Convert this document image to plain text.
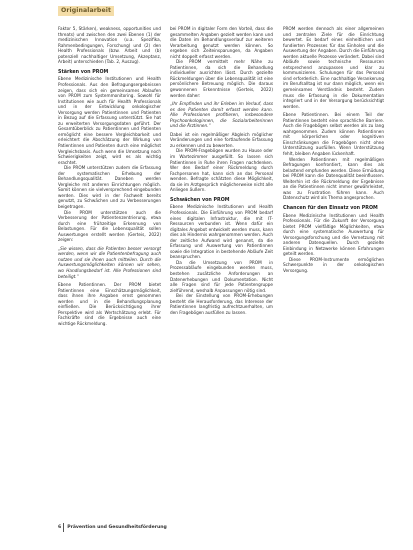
Originalarbeit

Faktor 5, Stärken), weakness, opportunities und threats) und zwischen den zwei Ebenen (1) der medizinischen Innovation (u.a. Spezifika, Rahmenbedingungen, Forschung) und (2) den Health Professionals (bzw. Arbeit und (b) potenziell nachhaltiger Umsetzung, Akzeptanz, Arbeit) unterschieden (Tab. 2, Auszug).

Stärken von PROM

Ebene Medizinische Institutionen und Health Professionals. Aus den Befragungsergebnissen zeigen, dass sich ein gemeinsames Ablaufen von PROM zum Systemmonitoring. Sowohl für Institutionen wie auch für Health Professionals und in der Entwicklung onkologischer Versorgung werden Patientinnen und Patienten in Bezug auf die Erfassung unterstützt. Sie hat zu erweiterten Versorgungsdaten geführt. Der Gesamtüberblick zu Patientinnen und Patienten ermöglicht eine bessere Vergleichbarkeit und erleichtert die Abschätzung der Wirkung von Patientinnen und Patienten durch eine möglichst Vergleichsbasis. Auch wenn die Umsetzung noch Schwierigkeiten zeigt, wird es als wichtig erachtet.

Die PROM unterstützen zudem die Erfassung der systematischen Erhebung der Behandlungsqualität. Daneben werden Vergleiche mit anderen Einrichtungen möglich. Somit können sie vielversprechend eingebunden werden. Dies wird in der Fachwelt bereits genutzt, zu Schwächen und zu Verbesserungen beigetragen.

Die PROM unterstützen auch die Verbesserung der Patientenzentrierung, etwa durch eine frühzeitige Erkennung von Belastungen. Für die Lebensqualität sollen Auswertungen erstellt werden (Gerteis, 2022) zeigen:

„Sie wissen, dass die Patienten besser versorgt werden, wenn wir die Patientenbefragung auch nutzen und sie ihnen auch mitteilen. Durch die Auswertungsmöglichkeiten können wir sehen, wo Handlungsbedarf ist. Alle Professionen sind beteiligt.“

Ebene Patientinnen. Der PROM bietet Patientinnen eine Einschätzungsmöglichkeit, dass ihnen ihre Angaben ernst genommen werden und in die Behandlungsplanung einfließen. Die Berücksichtigung ihrer Perspektive wird als Wertschätzung erlebt. Für Fachkräfte sind die Ergebnisse auch eine wichtige Rückmeldung.

bei PROM in digitaler Form den Vorteil, dass die gesammelten Angaben gezielt werden kann und die Daten im Behandlungsverlauf zur weiteren Verarbeitung genutzt werden können. So ergeben sich Zeiteinsparungen, da Angaben nicht doppelt erfasst werden.

Die PROM vermittelt mehr Nähe zu Patientinnen, da sich die Behandlung individueller ausrichten lässt. Durch gezielte Rückmeldungen über die Lebensqualität ist eine persönlichere Betreuung möglich. Die daraus gewonnenen Erkenntnisse (Gerteis, 2022) werden daher:

„Ihr Empfinden und ihr Erleben im Verlauf, dass es den Patienten damit erfasst werden kann. Alle Professionen profitieren, insbesondere Psychoonkologinnen, die Sozialarbeiterinnen und die Ärztinnen.“

Dabei ist ein regelmäßiger Abgleich möglicher Veränderungen und eine fortlaufende Erfassung zu erkennen und zu bewerten.

Die PROM-Fragebögen wurden zu Hause oder im Wartezimmer ausgefüllt. So lassen sich Patientinnen in Ruhe ihren Fragen nachdenken. Wer den Bedarf einer Rückmeldung durch Fachpersonen hat, kann sich an das Personal wenden. Befragte schätzten diese Möglichkeit, da sie im Arztgespräch möglicherweise nicht alle Anliegen äußern.

Schwächen von PROM

Ebene Medizinische Institutionen und Health Professionals. Die Einführung von PROM bedarf eines digitalen Infrastruktur, die mit IT-Ressourcen verbunden ist. Wenn dafür ein digitales Angebot entwickelt werden muss, kann dies als Hindernis wahrgenommen werden. Auch der zeitliche Aufwand wird genannt, da die Erfassung und Auswertung von Patientinnen sowie die Integration in bestehende Abläufe Zeit beanspruchen.

Da die Umsetzung von PROM in Prozessabläufe eingebunden werden muss, bestehen zusätzliche Anforderungen an Datenerhebungen und Dokumentation. Nicht alle Fragen sind für jede Patientengruppe zielführend, weshalb Anpassungen nötig sind.

Bei der Einstellung von PROM-Erhebungen besteht die Herausforderung, das Interesse der Patientinnen langfristig aufrechtzuerhalten, um den Fragebögen ausfüllen zu lassen.

PROM werden dennoch als einer allgemeinen und zentralen Ziele für die Einrichtung bewertet. Es bedarf eines einheitlichen und fundierten Prozesses für das Einholen und die Auswertung der Angaben. Durch die Einführung werden aktuelle Prozesse verändert. Dabei sind Abläufe sowie technische Ressourcen entsprechend anzupassen und klar zu kommunizieren. Schulungen für das Personal sind erforderlich. Eine nachhaltige Verankerung im Berufsalltag ist nur dann möglich, wenn ein gemeinsames Verständnis besteht. Zudem muss die Erfassung in die Dokumentation integriert und in der Versorgung berücksichtigt werden.

Ebene Patientinnen. Bei einem Teil der Patientinnen besteht eine sprachliche Barriere. Auch die Fragebögen selbst werden als zu lang wahrgenommen. Zudem können Patientinnen mit körperlichen oder kognitiven Einschränkungen die Fragebögen nicht ohne Unterstützung ausfüllen. Wenn Unterstützung fehlt, bleiben Angaben lückenhaft.

Werden Patientinnen mit regelmäßigen Befragungen konfrontiert, kann dies als belastend empfunden werden. Diese Ermüdung bei PROM kann die Datenqualität beeinflussen. Weiterhin ist die Rückmeldung der Ergebnisse an die Patientinnen nicht immer gewährleistet, was zu Frustration führen kann. Auch Datenschutz wird als Thema angesprochen.

Chancen für den Einsatz von PROM

Ebene Medizinische Institutionen und Health Professionals. Für die Zukunft der Versorgung bietet PROM vielfältige Möglichkeiten, etwa durch eine systematische Auswertung für Versorgungsforschung und die Vernetzung mit anderen Datenquellen. Durch gezielte Einbindung in Netzwerke können Erfahrungen geteilt werden.

Diese PROM-Instrumente ermöglichen Schwerpunkte in der onkologischen Versorgung.

6 Prävention und Gesundheitsförderung
